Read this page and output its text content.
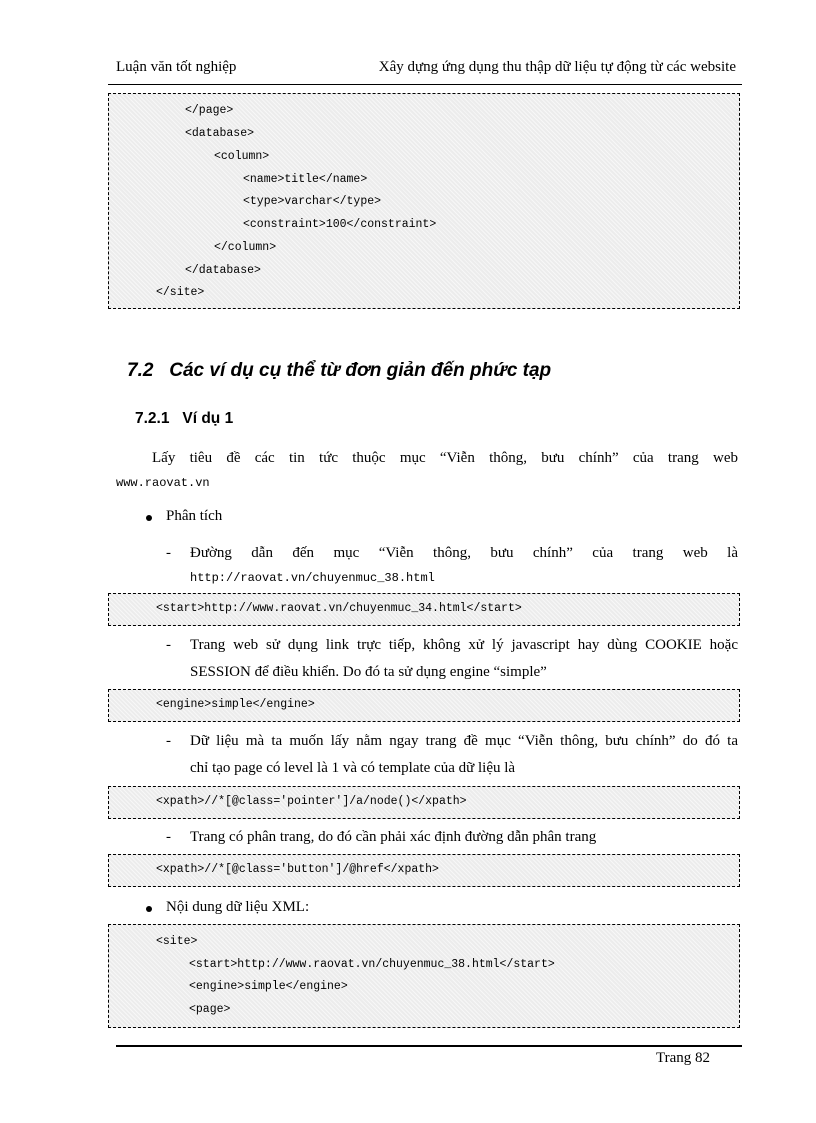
Luận văn tốt nghiệp	Xây dựng ứng dụng thu thập dữ liệu tự động từ các website
</page>
<database>
<column>
<name>title</name>
<type>varchar</type>
<constraint>100</constraint>
</column>
</database>
</site>
7.2   Các ví dụ cụ thể từ đơn giản đến phức tạp
7.2.1   Ví dụ 1
Lấy tiêu đề các tin tức thuộc mục “Viễn thông, bưu chính” của trang web
www.raovat.vn
Phân tích
- Đường dẫn đến mục “Viễn thông, bưu chính” của trang web là
http://raovat.vn/chuyenmuc_38.html
<start>http://www.raovat.vn/chuyenmuc_34.html</start>
- Trang web sử dụng link trực tiếp, không xử lý javascript hay dùng COOKIE hoặc
SESSION để điều khiển. Do đó ta sử dụng engine “simple”
<engine>simple</engine>
- Dữ liệu mà ta muốn lấy nằm ngay trang đề mục “Viễn thông, bưu chính” do đó ta
chỉ tạo page có level là 1 và có template của dữ liệu là
<xpath>//*[@class='pointer']/a/node()</xpath>
- Trang có phân trang, do đó cần phải xác định đường dẫn phân trang
<xpath>//*[@class='button']/@href</xpath>
Nội dung dữ liệu XML:
<site>
<start>http://www.raovat.vn/chuyenmuc_38.html</start>
<engine>simple</engine>
<page>
Trang 82
